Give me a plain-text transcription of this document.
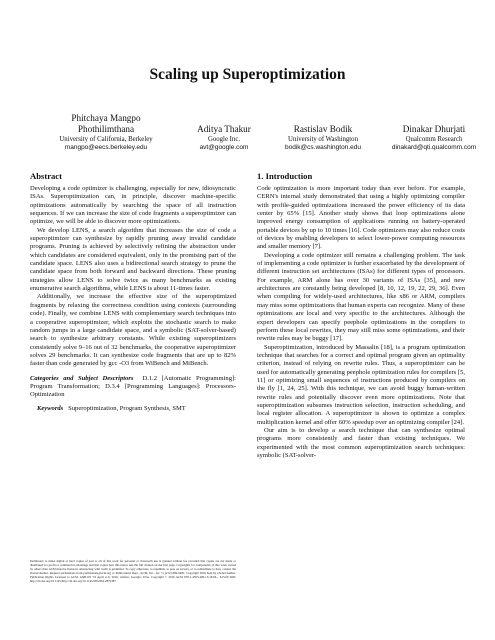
Scaling up Superoptimization
Phitchaya Mangpo
Phothilimthana
University of California, Berkeley
mangpo@eecs.berkeley.edu
Aditya Thakur
Google Inc.
avt@google.com
Rastislav Bodik
University of Washington
bodik@cs.washington.edu
Dinakar Dhurjati
Qualcomm Research
dinakard@qti.qualcomm.com
Abstract

Developing a code optimizer is challenging, especially for new, idiosyncratic ISAs. Superoptimization can, in principle, discover machine-specific optimizations automatically by searching the space of all instruction sequences. If we can increase the size of code fragments a superoptimizer can optimize, we will be able to discover more optimizations.

We develop LENS, a search algorithm that increases the size of code a superoptimizer can synthesize by rapidly pruning away invalid candidate programs. Pruning is achieved by selectively refining the abstraction under which candidates are considered equivalent, only in the promising part of the candidate space. LENS also uses a bidirectional search strategy to prune the candidate space from both forward and backward directions. These pruning strategies allow LENS to solve twice as many benchmarks as existing enumerative search algorithms, while LENS is about 11-times faster.

Additionally, we increase the effective size of the superoptimized fragments by relaxing the correctness condition using contexts (surrounding code). Finally, we combine LENS with complementary search techniques into a cooperative superoptimizer, which exploits the stochastic search to make random jumps in a large candidate space, and a symbolic (SAT-solver-based) search to synthesize arbitrary constants. While existing superoptimizers consistently solve 9–16 out of 32 benchmarks, the cooperative superoptimizer solves 29 benchmarks. It can synthesize code fragments that are up to 82% faster than code generated by gcc -O3 from WiBench and MiBench.

Categories and Subject Descriptors D.1.2 [Automatic Programming]: Program Transformation; D.3.4 [Programming Languages]: Processors-Optimization

Keywords Superoptimization, Program Synthesis, SMT

Permission to make digital or hard copies of part or all of this work for personal or classroom use is granted without fee provided that copies are not made or distributed for profit or commercial advantage and that copies bear this notice and the full citation on the first page. Copyrights for components of this work owned by others than ACM must be honored. Abstracting with credit is permitted. To copy otherwise, to republish, to post on servers, or to redistribute to lists, contact the Owner/Author. Request permissions from permissions@acm.org or Publications Dept., ACM, Inc., fax +1 (212) 869-0481. Copyright 2016 held by Owner/Author. Publication Rights Licensed to ACM. ASPLOS '16 April 2–6, 2016, Atlanta, Georgia, USA. Copyright © 2016 ACM 978-1-4503-4091-5/16/04... $15.00 DOI: http://dx.doi.org/10.1145/http://dx.doi.org/10.1145/2872362.2872387
1. Introduction

Code optimization is more important today than ever before. For example, CERN's internal study demonstrated that using a highly optimizing compiler with profile-guided optimizations increased the power efficiency of its data center by 65% [15]. Another study shows that loop optimizations alone improved energy consumption of applications running on battery-operated portable devices by up to 10 times [16]. Code optimizers may also reduce costs of devices by enabling developers to select lower-power computing resources and smaller memory [7].

Developing a code optimizer still remains a challenging problem. The task of implementing a code optimizer is further exacerbated by the development of different instruction set architectures (ISAs) for different types of processors. For example, ARM alone has over 30 variants of ISAs [35], and new architectures are constantly being developed [8, 10, 12, 19, 22, 29, 36]. Even when compiling for widely-used architectures, like x86 or ARM, compilers may miss some optimizations that human experts can recognize. Many of these optimizations are local and very specific to the architectures. Although the expert developers can specify peephole optimizations in the compilers to perform these local rewrites, they may still miss some optimizations, and their rewrite rules may be buggy [17].

Superoptimization, introduced by Massalin [18], is a program optimization technique that searches for a correct and optimal program given an optimality criterion, instead of relying on rewrite rules. Thus, a superoptimizer can be used for automatically generating peephole optimization rules for compilers [5, 11] or optimizing small sequences of instructions produced by compilers on the fly [1, 24, 25]. With this technique, we can avoid buggy human-written rewrite rules and potentially discover even more optimizations. Note that superoptimization subsumes instruction selection, instruction scheduling, and local register allocation. A superoptimizer is shown to optimize a complex multiplication kernel and offer 60% speedup over an optimizing compiler [24].

Our aim is to develop a search technique that can synthesize optimal programs more consistently and faster than existing techniques. We experimented with the most common superoptimization search techniques: symbolic (SAT-solver-
